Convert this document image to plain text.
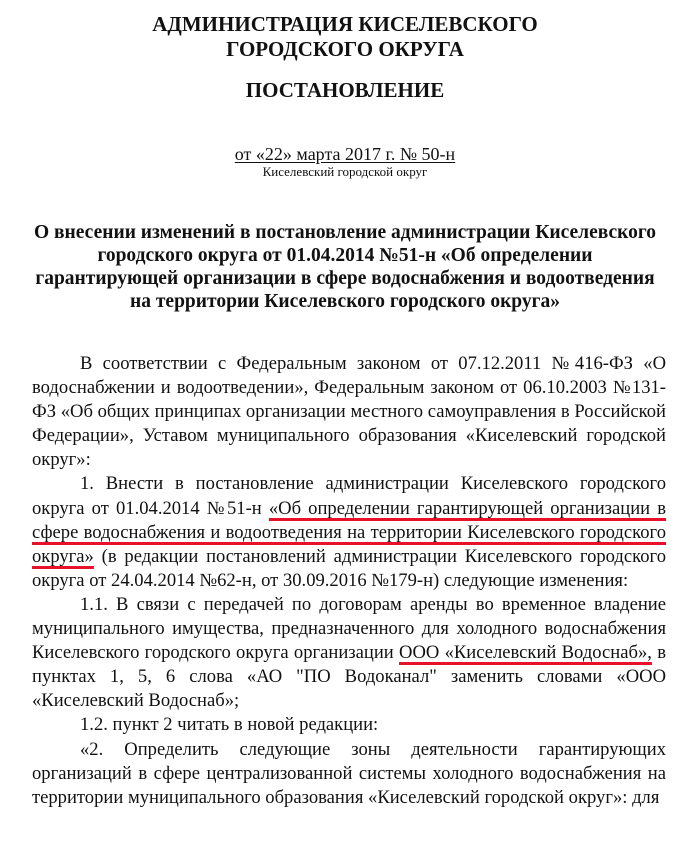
АДМИНИСТРАЦИЯ КИСЕЛЕВСКОГО
ГОРОДСКОГО ОКРУГА
ПОСТАНОВЛЕНИЕ
от «22» марта 2017 г. № 50-н
Киселевский городской округ
О внесении изменений в постановление администрации Киселевского городского округа от 01.04.2014 №51-н «Об определении гарантирующей организации в сфере водоснабжения и водоотведения на территории Киселевского городского округа»

В соответствии с Федеральным законом от 07.12.2011 №416-ФЗ «О водоснабжении и водоотведении», Федеральным законом от 06.10.2003 №131-ФЗ «Об общих принципах организации местного самоуправления в Российской Федерации», Уставом муниципального образования «Киселевский городской округ»:

1. Внести в постановление администрации Киселевского городского округа от 01.04.2014 №51-н «Об определении гарантирующей организации в сфере водоснабжения и водоотведения на территории Киселевского городского округа» (в редакции постановлений администрации Киселевского городского округа от 24.04.2014 №62-н, от 30.09.2016 №179-н) следующие изменения:

1.1. В связи с передачей по договорам аренды во временное владение муниципального имущества, предназначенного для холодного водоснабжения Киселевского городского округа организации ООО «Киселевский Водоснаб», в пунктах 1, 5, 6 слова «АО "ПО Водоканал" заменить словами «ООО «Киселевский Водоснаб»;

1.2. пункт 2 читать в новой редакции:

«2. Определить следующие зоны деятельности гарантирующих организаций в сфере централизованной системы холодного водоснабжения на территории муниципального образования «Киселевский городской округ»: для
